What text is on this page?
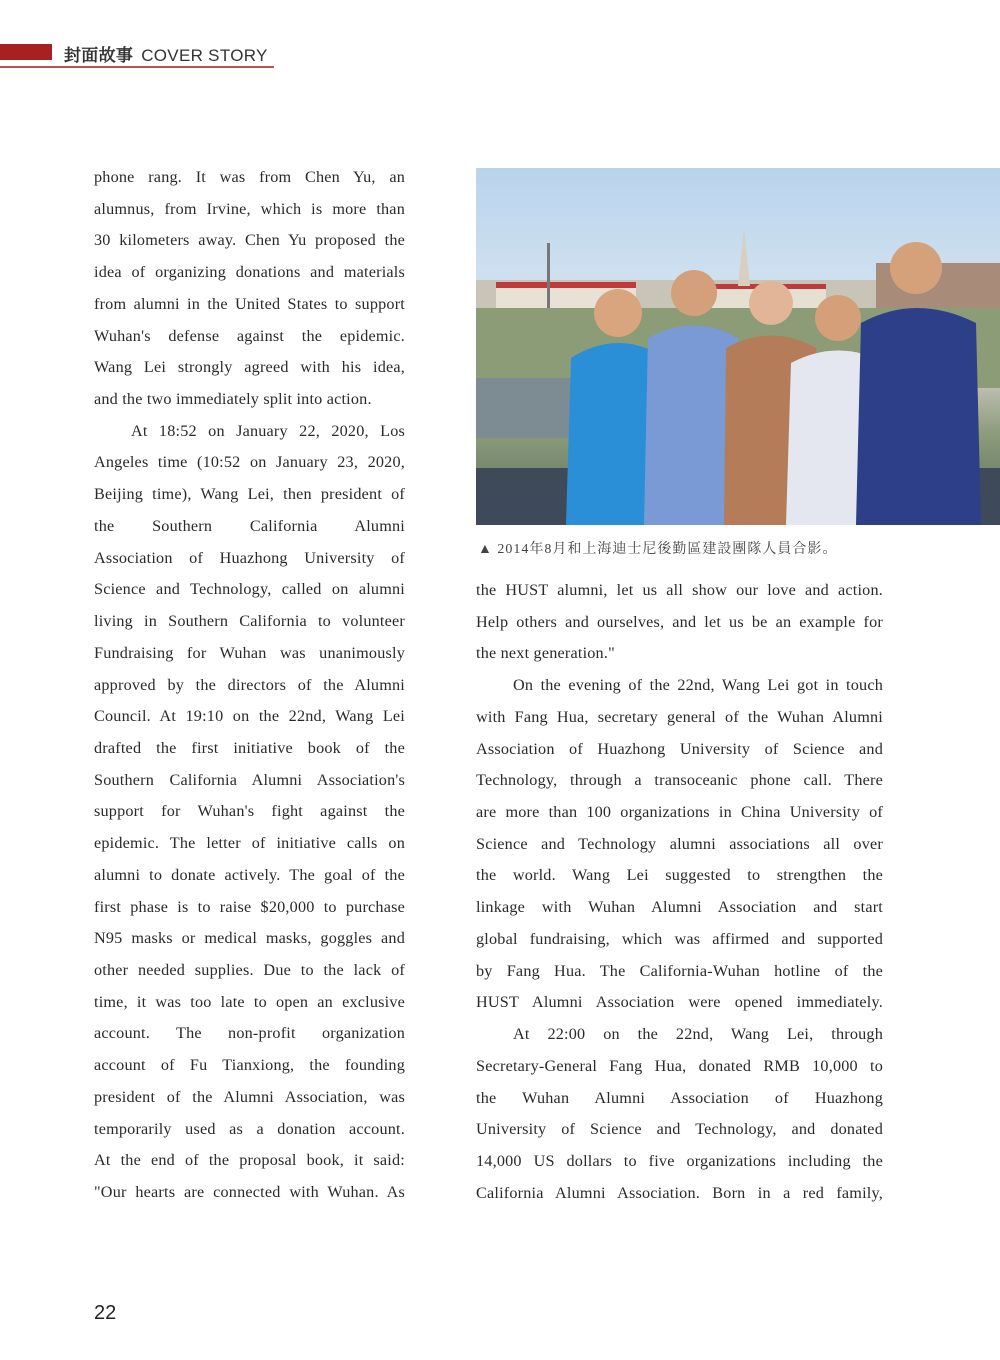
封面故事 COVER STORY
phone rang. It was from Chen Yu, an
alumnus, from Irvine, which is more than
30 kilometers away. Chen Yu proposed the
idea of organizing donations and materials
from alumni in the United States to support
Wuhan's defense against the epidemic.
Wang Lei strongly agreed with his idea,
and the two immediately split into action.
At 18:52 on January 22, 2020, Los
Angeles time (10:52 on January 23, 2020,
Beijing time), Wang Lei, then president of
the Southern California Alumni
Association of Huazhong University of
Science and Technology, called on alumni
living in Southern California to volunteer
Fundraising for Wuhan was unanimously
approved by the directors of the Alumni
Council. At 19:10 on the 22nd, Wang Lei
drafted the first initiative book of the
Southern California Alumni Association's
support for Wuhan's fight against the
epidemic. The letter of initiative calls on
alumni to donate actively. The goal of the
first phase is to raise $20,000 to purchase
N95 masks or medical masks, goggles and
other needed supplies. Due to the lack of
time, it was too late to open an exclusive
account. The non-profit organization
account of Fu Tianxiong, the founding
president of the Alumni Association, was
temporarily used as a donation account.
At the end of the proposal book, it said:
"Our hearts are connected with Wuhan. As
▲ 2014年8月和上海迪士尼後勤區建設團隊人員合影。
the HUST alumni, let us all show our love and action.
Help others and ourselves, and let us be an example for
the next generation."
On the evening of the 22nd, Wang Lei got in touch
with Fang Hua, secretary general of the Wuhan Alumni
Association of Huazhong University of Science and
Technology, through a transoceanic phone call. There
are more than 100 organizations in China University of
Science and Technology alumni associations all over
the world. Wang Lei suggested to strengthen the
linkage with Wuhan Alumni Association and start
global fundraising, which was affirmed and supported
by Fang Hua. The California-Wuhan hotline of the
HUST Alumni Association were opened immediately.
At 22:00 on the 22nd, Wang Lei, through
Secretary-General Fang Hua, donated RMB 10,000 to
the Wuhan Alumni Association of Huazhong
University of Science and Technology, and donated
14,000 US dollars to five organizations including the
California Alumni Association. Born in a red family,
22
